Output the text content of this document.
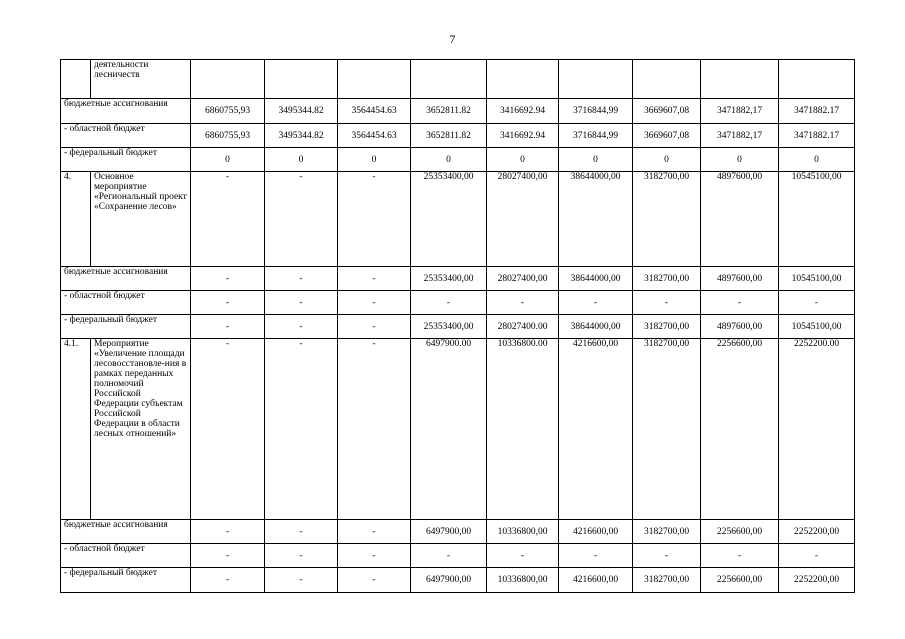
7
	деятельности лесничеств									
бюджетные ассигнования		6860755,93	3495344.82	3564454.63	3652811.82	3416692.94	3716844,99	3669607,08	3471882,17	3471882.17
- областной бюджет		6860755,93	3495344.82	3564454.63	3652811.82	3416692.94	3716844,99	3669607,08	3471882,17	3471882.17
- федеральный бюджет		0	0	0	0	0	0	0	0	0
4.	Основное мероприятие «Региональный проект «Сохранение лесов»	-	-	-	25353400,00	28027400,00	38644000,00	3182700,00	4897600,00	10545100,00
бюджетные ассигнования		-	-	-	25353400,00	28027400,00	38644000,00	3182700,00	4897600,00	10545100,00
- областной бюджет		-	-	-	-	-	-	-	-	-
- федеральный бюджет		-	-	-	25353400,00	28027400.00	38644000,00	3182700,00	4897600,00	10545100,00
4.1.	Мероприятие «Увеличение площади лесовосстановле-ния в рамках переданных полномочий Российской Федерации субъектам Российской Федерации в области лесных отношений»	-	-	-	6497900.00	10336800.00	4216600,00	3182700,00	2256600,00	2252200.00
бюджетные ассигнования		-	-	-	6497900,00	10336800,00	4216600,00	3182700,00	2256600,00	2252200,00
- областной бюджет		-	-	-	-	-	-	-	-	-
- федеральный бюджет		-	-	-	6497900,00	10336800,00	4216600,00	3182700,00	2256600,00	2252200,00
